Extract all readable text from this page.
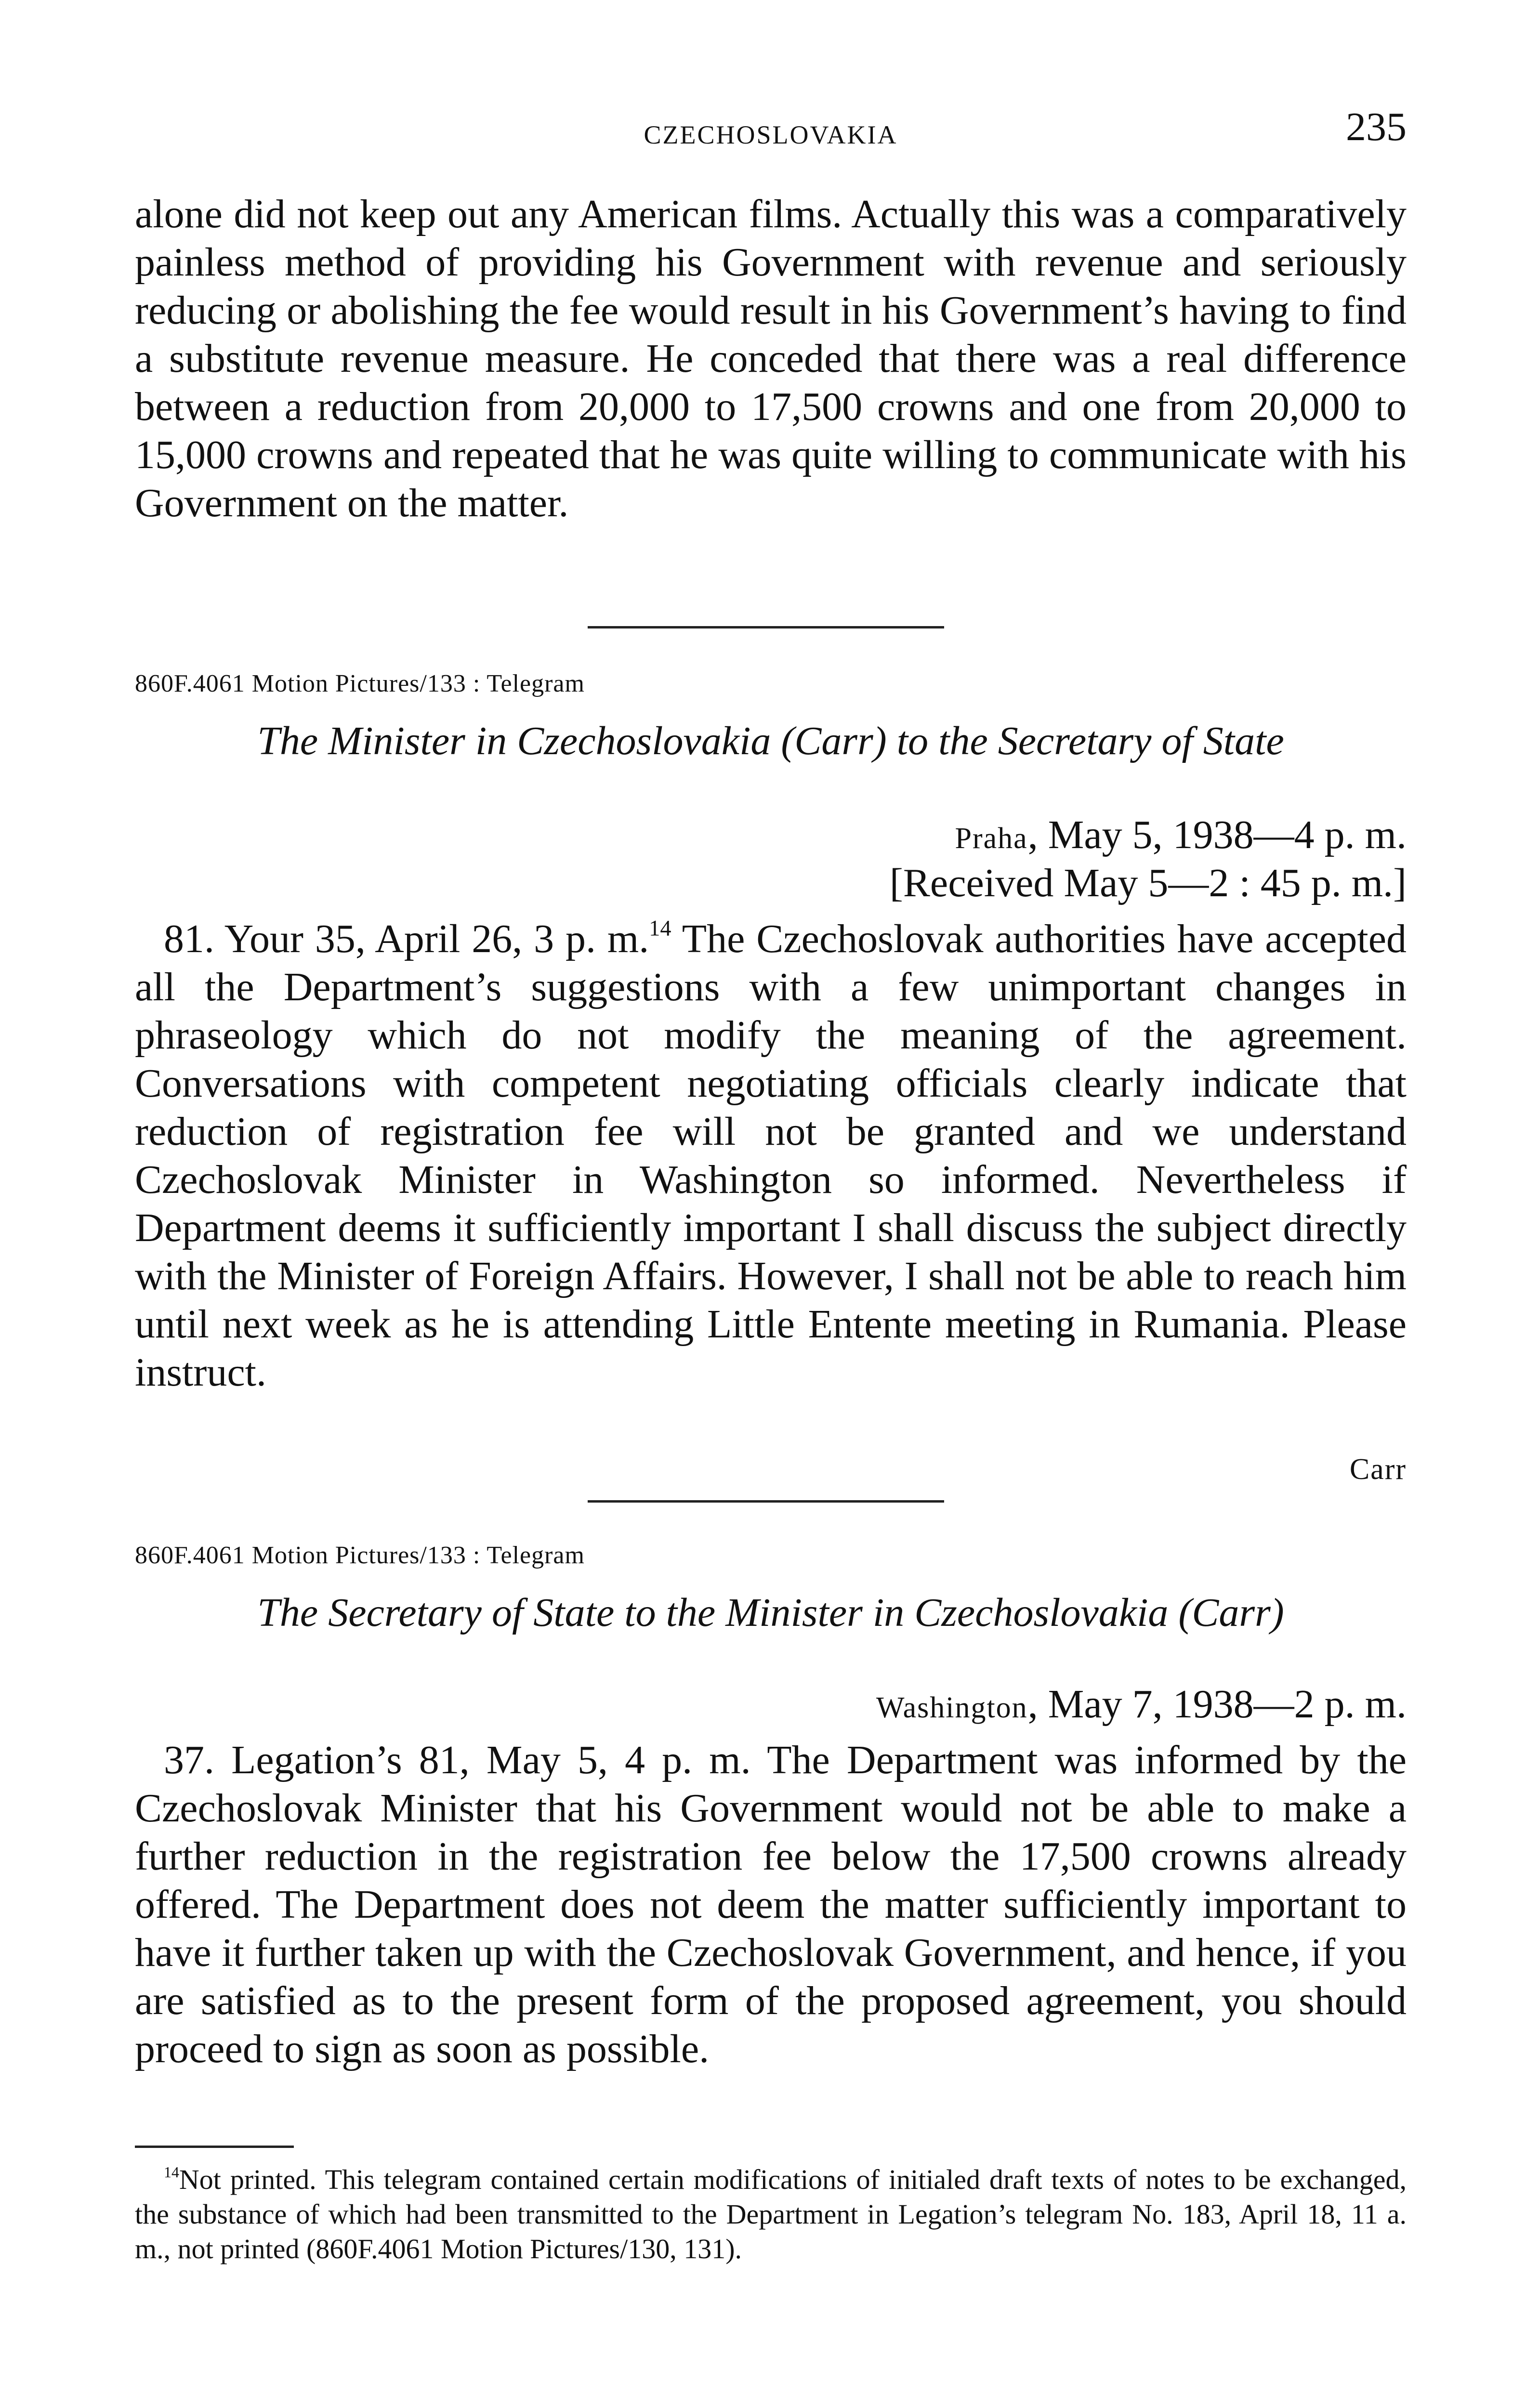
CZECHOSLOVAKIA	235

alone did not keep out any American films. Actually this was a comparatively painless method of providing his Government with revenue and seriously reducing or abolishing the fee would result in his Government’s having to find a substitute revenue measure. He conceded that there was a real difference between a reduction from 20,000 to 17,500 crowns and one from 20,000 to 15,000 crowns and repeated that he was quite willing to communicate with his Government on the matter.

860F.4061 Motion Pictures/133 : Telegram
The Minister in Czechoslovakia (Carr) to the Secretary of State
Praha, May 5, 1938—4 p. m.
[Received May 5—2 : 45 p. m.]

81. Your 35, April 26, 3 p. m.$^{14}$ The Czechoslovak authorities have accepted all the Department’s suggestions with a few unimportant changes in phraseology which do not modify the meaning of the agreement. Conversations with competent negotiating officials clearly indicate that reduction of registration fee will not be granted and we understand Czechoslovak Minister in Washington so informed. Nevertheless if Department deems it sufficiently important I shall discuss the subject directly with the Minister of Foreign Affairs. However, I shall not be able to reach him until next week as he is attending Little Entente meeting in Rumania. Please instruct.

Carr
860F.4061 Motion Pictures/133 : Telegram
The Secretary of State to the Minister in Czechoslovakia (Carr)
Washington, May 7, 1938—2 p. m.

37. Legation’s 81, May 5, 4 p. m. The Department was informed by the Czechoslovak Minister that his Government would not be able to make a further reduction in the registration fee below the 17,500 crowns already offered. The Department does not deem the matter sufficiently important to have it further taken up with the Czechoslovak Government, and hence, if you are satisfied as to the present form of the proposed agreement, you should proceed to sign as soon as possible.

$^{14}$Not printed. This telegram contained certain modifications of initialed draft texts of notes to be exchanged, the substance of which had been transmitted to the Department in Legation’s telegram No. 183, April 18, 11 a. m., not printed (860F.4061 Motion Pictures/130, 131).
